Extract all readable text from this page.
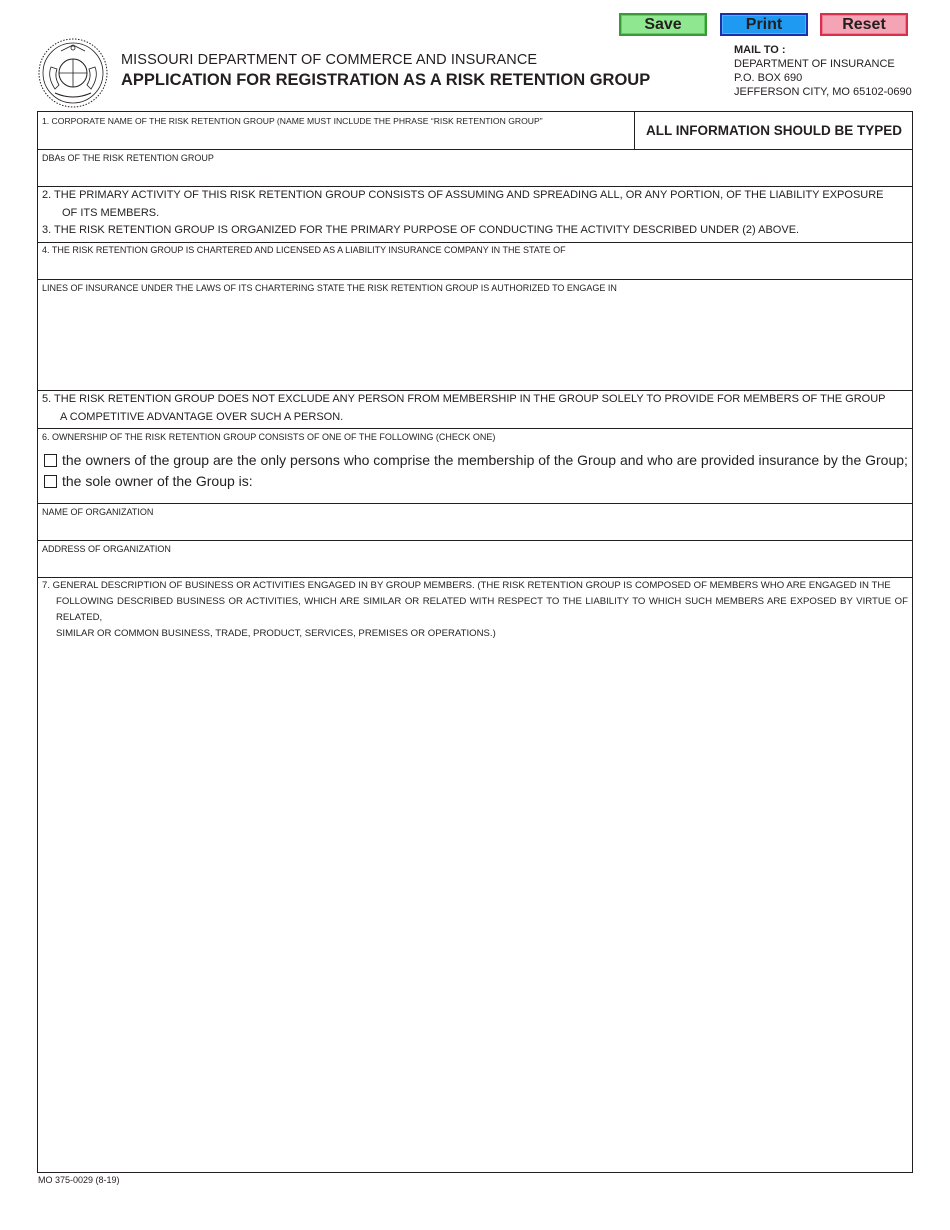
Save	Print	Reset
MISSOURI DEPARTMENT OF COMMERCE AND INSURANCE
APPLICATION FOR REGISTRATION AS A RISK RETENTION GROUP
MAIL TO :
DEPARTMENT OF INSURANCE
P.O. BOX 690
JEFFERSON CITY, MO 65102-0690
1. CORPORATE NAME OF THE RISK RETENTION GROUP (NAME MUST INCLUDE THE PHRASE “RISK RETENTION GROUP”
ALL INFORMATION SHOULD BE TYPED
DBAs OF THE RISK RETENTION GROUP
2. THE PRIMARY ACTIVITY OF THIS RISK RETENTION GROUP CONSISTS OF ASSUMING AND SPREADING ALL, OR ANY PORTION, OF THE LIABILITY EXPOSURE
OF ITS MEMBERS.
3. THE RISK RETENTION GROUP IS ORGANIZED FOR THE PRIMARY PURPOSE OF CONDUCTING THE ACTIVITY DESCRIBED UNDER (2) ABOVE.
4. THE RISK RETENTION GROUP IS CHARTERED AND LICENSED AS A LIABILITY INSURANCE COMPANY IN THE STATE OF
LINES OF INSURANCE UNDER THE LAWS OF ITS CHARTERING STATE THE RISK RETENTION GROUP IS AUTHORIZED TO ENGAGE IN
5. THE RISK RETENTION GROUP DOES NOT EXCLUDE ANY PERSON FROM MEMBERSHIP IN THE GROUP SOLELY TO PROVIDE FOR MEMBERS OF THE GROUP
A COMPETITIVE ADVANTAGE OVER SUCH A PERSON.
6. OWNERSHIP OF THE RISK RETENTION GROUP CONSISTS OF ONE OF THE FOLLOWING (CHECK ONE)
the owners of the group are the only persons who comprise the membership of the Group and who are provided insurance by the Group;
the sole owner of the Group is:
NAME OF ORGANIZATION
ADDRESS OF ORGANIZATION
7. GENERAL DESCRIPTION OF BUSINESS OR ACTIVITIES ENGAGED IN BY GROUP MEMBERS. (THE RISK RETENTION GROUP IS COMPOSED OF MEMBERS WHO ARE ENGAGED IN THE
FOLLOWING DESCRIBED BUSINESS OR ACTIVITIES, WHICH ARE SIMILAR OR RELATED WITH RESPECT TO THE LIABILITY TO WHICH SUCH MEMBERS ARE EXPOSED BY VIRTUE OF RELATED,
SIMILAR OR COMMON BUSINESS, TRADE, PRODUCT, SERVICES, PREMISES OR OPERATIONS.)
MO 375-0029 (8-19)
